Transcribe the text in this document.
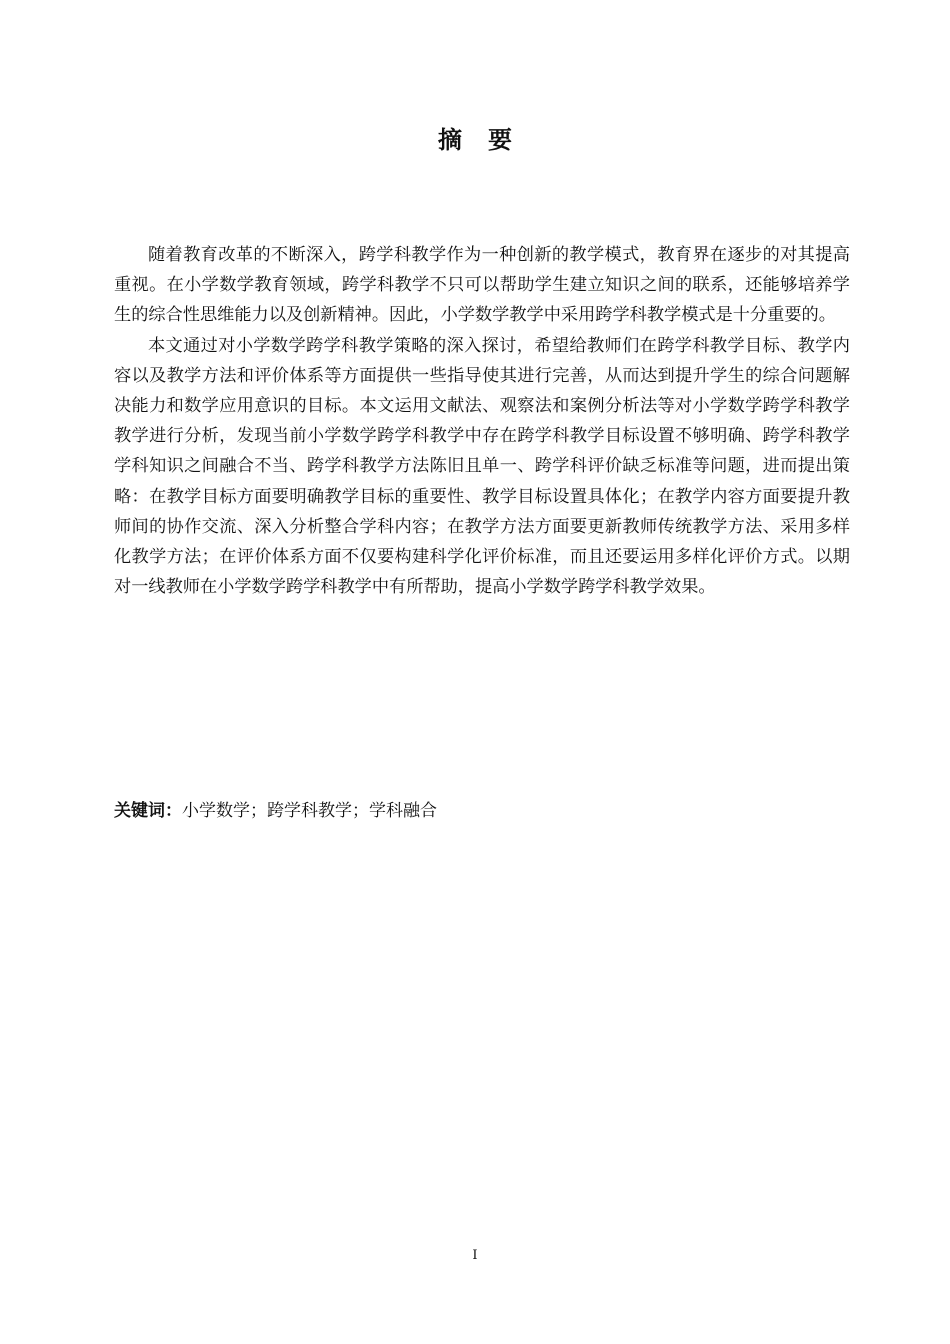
摘要

随着教育改革的不断深入，跨学科教学作为一种创新的教学模式，教育界在逐步的对其提高重视。在小学数学教育领域，跨学科教学不只可以帮助学生建立知识之间的联系，还能够培养学生的综合性思维能力以及创新精神。因此，小学数学教学中采用跨学科教学模式是十分重要的。

本文通过对小学数学跨学科教学策略的深入探讨，希望给教师们在跨学科教学目标、教学内容以及教学方法和评价体系等方面提供一些指导使其进行完善，从而达到提升学生的综合问题解决能力和数学应用意识的目标。本文运用文献法、观察法和案例分析法等对小学数学跨学科教学教学进行分析，发现当前小学数学跨学科教学中存在跨学科教学目标设置不够明确、跨学科教学学科知识之间融合不当、跨学科教学方法陈旧且单一、跨学科评价缺乏标准等问题，进而提出策略：在教学目标方面要明确教学目标的重要性、教学目标设置具体化；在教学内容方面要提升教师间的协作交流、深入分析整合学科内容；在教学方法方面要更新教师传统教学方法、采用多样化教学方法；在评价体系方面不仅要构建科学化评价标准，而且还要运用多样化评价方式。以期对一线教师在小学数学跨学科教学中有所帮助，提高小学数学跨学科教学效果。

关键词：小学数学；跨学科教学；学科融合

I
